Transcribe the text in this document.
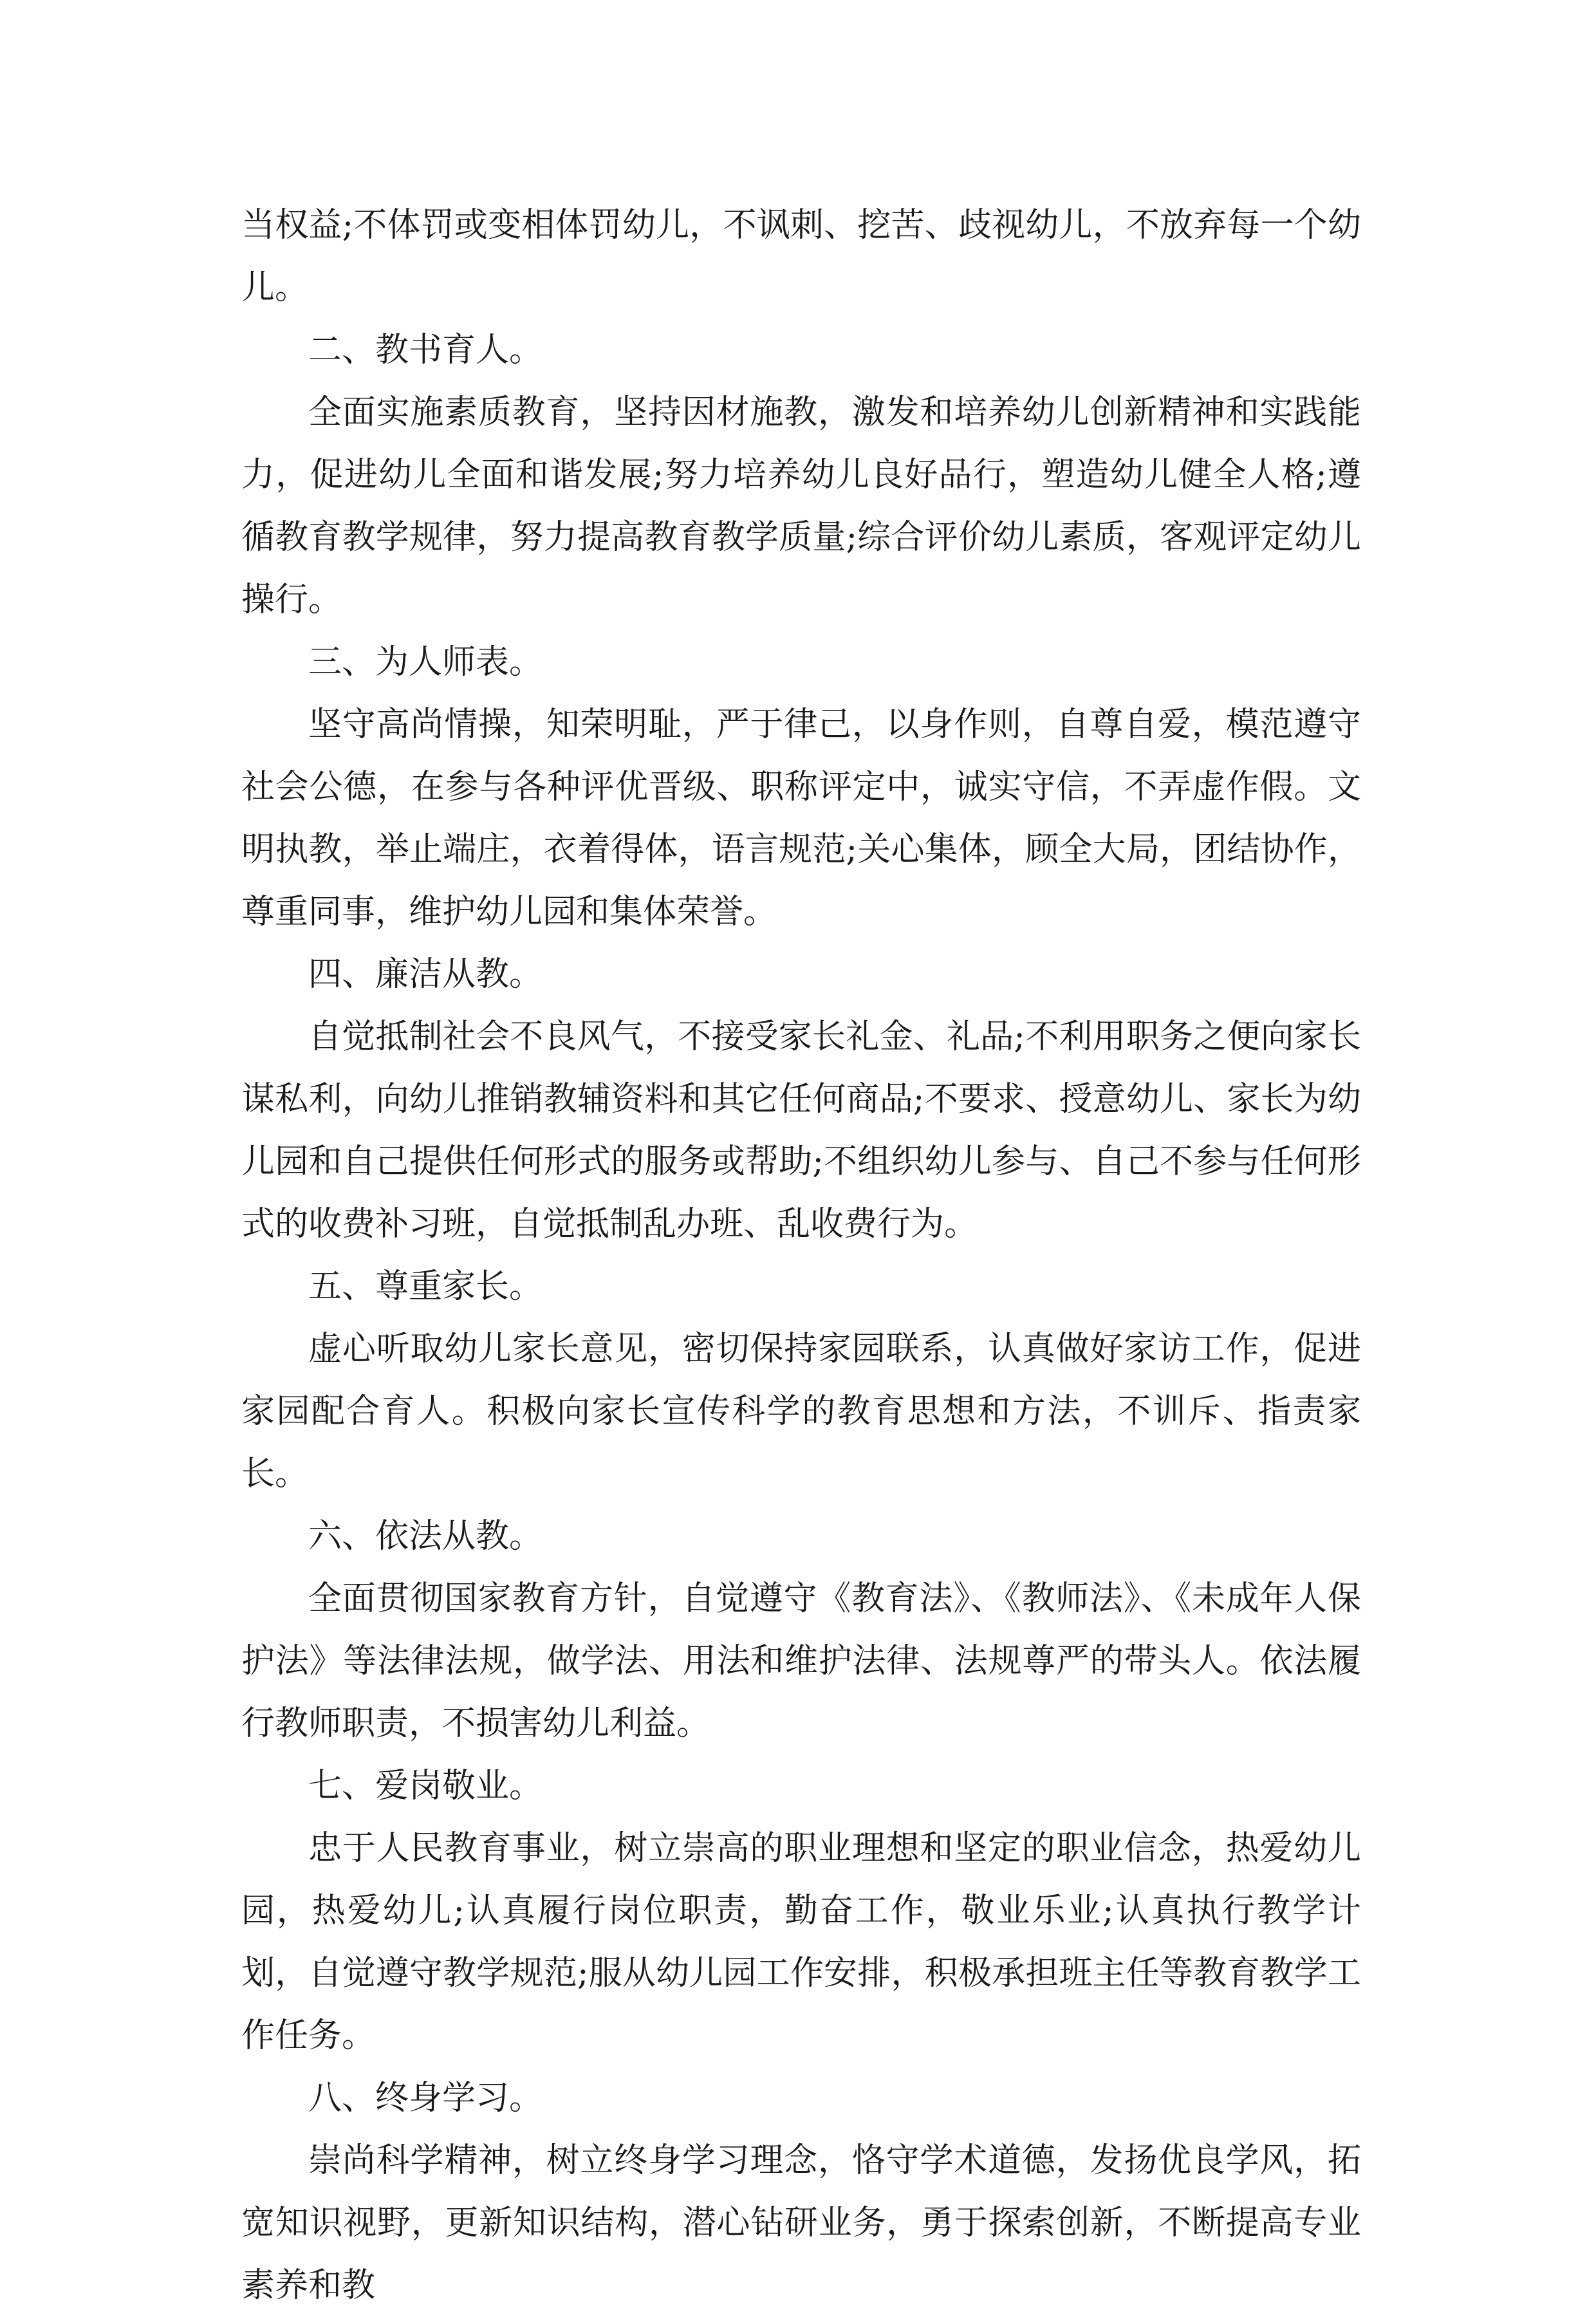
当权益;不体罚或变相体罚幼儿，不讽刺、挖苦、歧视幼儿，不放弃每一个幼儿。

二、教书育人。

全面实施素质教育，坚持因材施教，激发和培养幼儿创新精神和实践能力，促进幼儿全面和谐发展;努力培养幼儿良好品行，塑造幼儿健全人格;遵循教育教学规律，努力提高教育教学质量;综合评价幼儿素质，客观评定幼儿操行。

三、为人师表。

坚守高尚情操，知荣明耻，严于律己，以身作则，自尊自爱，模范遵守社会公德，在参与各种评优晋级、职称评定中，诚实守信，不弄虚作假。文明执教，举止端庄，衣着得体，语言规范;关心集体，顾全大局，团结协作，尊重同事，维护幼儿园和集体荣誉。

四、廉洁从教。

自觉抵制社会不良风气，不接受家长礼金、礼品;不利用职务之便向家长谋私利，向幼儿推销教辅资料和其它任何商品;不要求、授意幼儿、家长为幼儿园和自己提供任何形式的服务或帮助;不组织幼儿参与、自己不参与任何形式的收费补习班，自觉抵制乱办班、乱收费行为。

五、尊重家长。

虚心听取幼儿家长意见，密切保持家园联系，认真做好家访工作，促进家园配合育人。积极向家长宣传科学的教育思想和方法，不训斥、指责家长。

六、依法从教。

全面贯彻国家教育方针，自觉遵守《教育法》、《教师法》、《未成年人保护法》等法律法规，做学法、用法和维护法律、法规尊严的带头人。依法履行教师职责，不损害幼儿利益。

七、爱岗敬业。

忠于人民教育事业，树立崇高的职业理想和坚定的职业信念，热爱幼儿园，热爱幼儿;认真履行岗位职责，勤奋工作，敬业乐业;认真执行教学计划，自觉遵守教学规范;服从幼儿园工作安排，积极承担班主任等教育教学工作任务。

八、终身学习。

崇尚科学精神，树立终身学习理念，恪守学术道德，发扬优良学风，拓宽知识视野，更新知识结构，潜心钻研业务，勇于探索创新，不断提高专业素养和教
